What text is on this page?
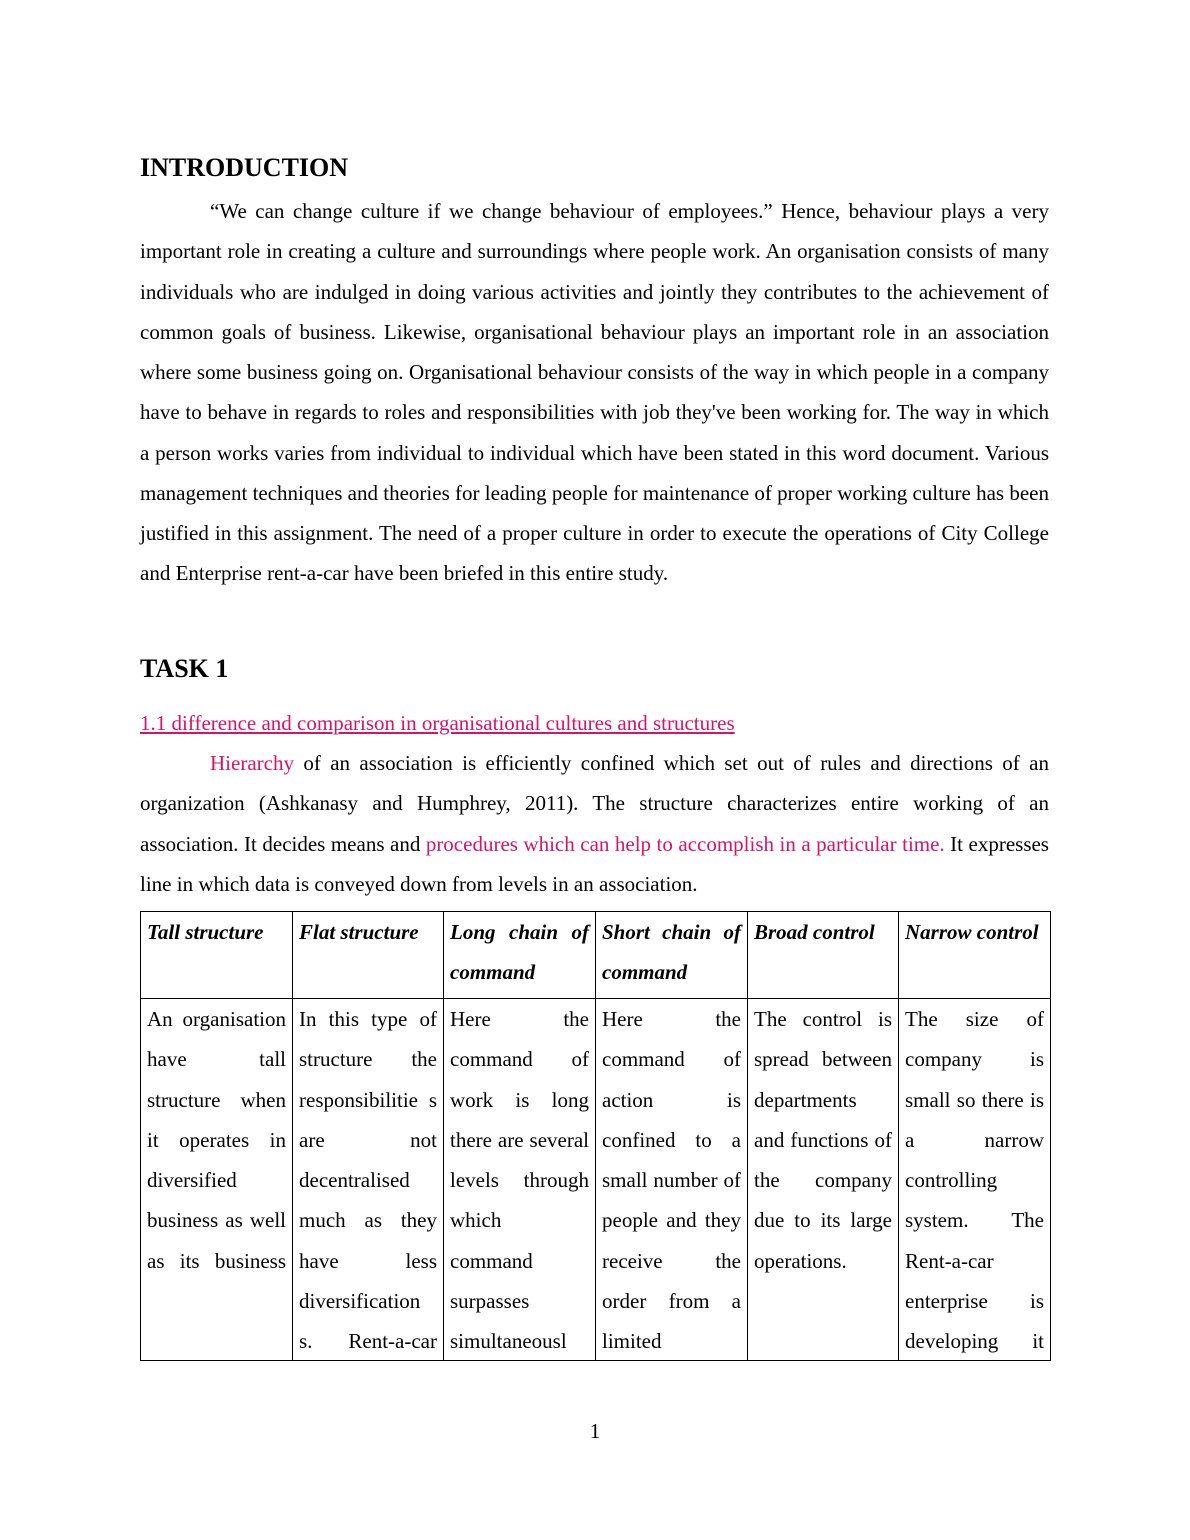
INTRODUCTION

“We can change culture if we change behaviour of employees.” Hence, behaviour plays a very important role in creating a culture and surroundings where people work. An organisation consists of many individuals who are indulged in doing various activities and jointly they contributes to the achievement of common goals of business. Likewise, organisational behaviour plays an important role in an association where some business going on. Organisational behaviour consists of the way in which people in a company have to behave in regards to roles and responsibilities with job they've been working for. The way in which a person works varies from individual to individual which have been stated in this word document. Various management techniques and theories for leading people for maintenance of proper working culture has been justified in this assignment. The need of a proper culture in order to execute the operations of City College and Enterprise rent-a-car have been briefed in this entire study.

TASK 1
1.1 difference and comparison in organisational cultures and structures

Hierarchy of an association is efficiently confined which set out of rules and directions of an organization (Ashkanasy and Humphrey, 2011). The structure characterizes entire working of an association. It decides means and procedures which can help to accomplish in a particular time. It expresses line in which data is conveyed down from levels in an association.

Tall structure	Flat structure	Long chain of command	Short chain of command	Broad control	Narrow control

An organisation have tall structure when it operates in diversified business as well as its business	In this type of structure the responsibilitie s are not decentralised much as they have less diversification s. Rent-a-car	Here the command of work is long there are several levels through which command surpasses simultaneousl	Here the command of action is confined to a small number of people and they receive the order from a limited	The control is spread between departments and functions of the company due to its large operations.	The size of company is small so there is a narrow controlling system. The Rent-a-car enterprise is developing it
1
